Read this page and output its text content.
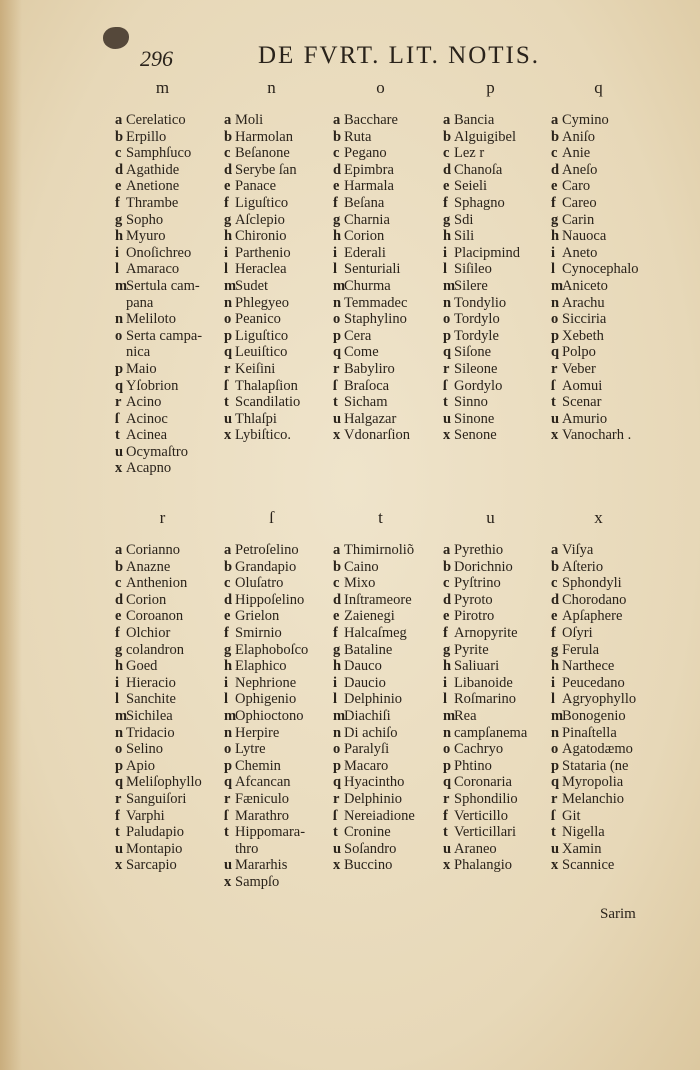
296	DE FVRT. LIT. NOTIS.
m
a Cerelatico
b Erpillo
c Samphſuco
d Agathide
e Anetione
f Thrambe
g Sopho
h Myuro
i Onoſichreo
l Amaraco
m
Sertula cam-
pana
n Meliloto
o Serta campa-
nica
p Maio
q Yſobrion
r Acino
ſ Acinoc
t Acinea
u Ocymaſtro
x Acapno
n
a Moli
b Harmolan
c Beſanone
d Serybe ſan
e Panace
f Liguſtico
g Aſclepio
h Chironio
i Parthenio
l Heraclea
m
Sudet
n Phlegyeo
o Peanico
p Liguſtico
q Leuiſtico
r Keiſini
ſ Thalapſion
t Scandilatio
u Thlaſpi
x Lybiſtico.
o
a Bacchare
b Ruta
c Pegano
d Epimbra
e Harmala
f Beſana
g Charnia
h Corion
i Ederali
l Senturiali
m
Churma
n Temmadec
o Staphylino
p Cera
q Come
r Babyliro
ſ Braſoca
t Sicham
u Halgazar
x Vdonarſion
p
a Bancia
b Alguigibel
c Lez r
d Chanoſa
e Seieli
f Sphagno
g Sdi
h Sili
i Placipmind
l Siſileo
m
Silere
n Tondylio
o Tordylo
p Tordyle
q Siſone
r Sileone
ſ Gordylo
t Sinno
u Sinone
x Senone
q
a Cymino
b Aniſo
c Anie
d Aneſo
e Caro
f Careo
g Carin
h Nauoca
i Aneto
l Cynocephalo
m
Aniceto
n Arachu
o Sicciria
p Xebeth
q Polpo
r Veber
ſ Aomui
t Scenar
u Amurio
x Vanocharh .
r
a Corianno
b Anazne
c Anthenion
d Corion
e Coroanon
f Olchior
g colandron
h Goed
i Hieracio
l Sanchite
m
Sichilea
n Tridacio
o Selino
p Apio
q Meliſophyllo
r Sanguiſori
f Varphi
t Paludapio
u Montapio
x Sarcapio
ſ
a Petroſelino
b Grandapio
c Oluſatro
d Hippoſelino
e Grielon
f Smirnio
g Elaphoboſco
h Elaphico
i Nephrione
l Ophigenio
m
Ophioctono
n Herpire
o Lytre
p Chemin
q Afcancan
r Fæniculo
ſ Marathro
t Hippomara-
thro
u Mararhis
x Sampſo
t
a Thimirnoliõ
b Caino
c Mixo
d Inſtrameore
e Zaienegi
f Halcaſmeg
g Bataline
h Dauco
i Daucio
l Delphinio
m
Diachiſi
n Di achiſo
o Paralyſi
p Macaro
q Hyacintho
r Delphinio
ſ Nereiadione
t Cronine
u Soſandro
x Buccino
u
a Pyrethio
b Dorichnio
c Pyſtrino
d Pyroto
e Pirotro
f Arnopyrite
g Pyrite
h Saliuari
i Libanoide
l Roſmarino
m
Rea
n campſanema
o Cachryo
p Phtino
q Coronaria
r Sphondilio
f Verticillo
t Verticillari
u Araneo
x Phalangio
x
a Viſya
b Aſterio
c Sphondyli
d Chorodano
e Apſaphere
f Oſyri
g Ferula
h Narthece
i Peucedano
l Agryophyllo
m
Bonogenio
n Pinaſtella
o Agatodæmo
p Stataria (ne
q Myropolia
r Melanchio
ſ Git
t Nigella
u Xamin
x Scannice
Sarim
